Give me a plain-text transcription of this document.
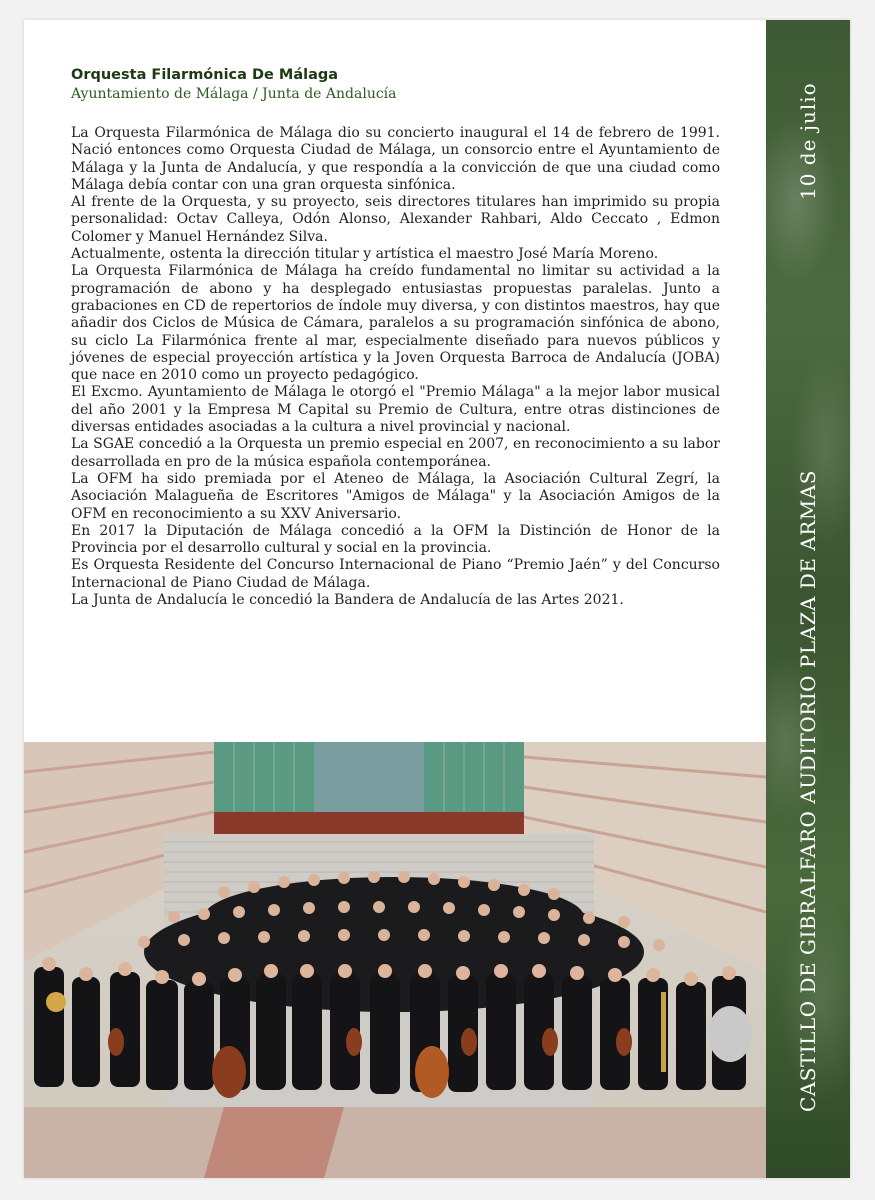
Orquesta Filarmónica De Málaga
Ayuntamiento de Málaga / Junta de Andalucía

La Orquesta Filarmónica de Málaga dio su concierto inaugural el 14 de febrero de 1991. Nació entonces como Orquesta Ciudad de Málaga, un consorcio entre el Ayuntamiento de Málaga y la Junta de Andalucía, y que respondía a la convicción de que una ciudad como Málaga debía contar con una gran orquesta sinfónica.

Al frente de la Orquesta, y su proyecto, seis directores titulares han imprimido su propia personalidad: Octav Calleya, Odón Alonso, Alexander Rahbari, Aldo Ceccato , Edmon Colomer y Manuel Hernández Silva.

Actualmente, ostenta la dirección titular y artística el maestro José María Moreno.

La Orquesta Filarmónica de Málaga ha creído fundamental no limitar su actividad a la programación de abono y ha desplegado entusiastas propuestas paralelas. Junto a grabaciones en CD de repertorios de índole muy diversa, y con distintos maestros, hay que añadir dos Ciclos de Música de Cámara, paralelos a su programación sinfónica de abono, su ciclo La Filarmónica frente al mar, especialmente diseñado para nuevos públicos y jóvenes de especial proyección artística y la Joven Orquesta Barroca de Andalucía (JOBA) que nace en 2010 como un proyecto pedagógico.

El Excmo. Ayuntamiento de Málaga le otorgó el "Premio Málaga" a la mejor labor musical del año 2001 y la Empresa M Capital su Premio de Cultura, entre otras distinciones de diversas entidades asociadas a la cultura a nivel provincial y nacional.

La SGAE concedió a la Orquesta un premio especial en 2007, en reconocimiento a su labor desarrollada en pro de la música española contemporánea.

La OFM ha sido premiada por el Ateneo de Málaga, la Asociación Cultural Zegrí, la Asociación Malagueña de Escritores "Amigos de Málaga" y la Asociación Amigos de la OFM en reconocimiento a su XXV Aniversario.

En 2017 la Diputación de Málaga concedió a la OFM la Distinción de Honor de la Provincia por el desarrollo cultural y social en la provincia.

Es Orquesta Residente del Concurso Internacional de Piano “Premio Jaén” y del Concurso Internacional de Piano Ciudad de Málaga.

La Junta de Andalucía le concedió la Bandera de Andalucía de las Artes 2021.

10 de julio
CASTILLO DE GIBRALFARO AUDITORIO PLAZA DE ARMAS
